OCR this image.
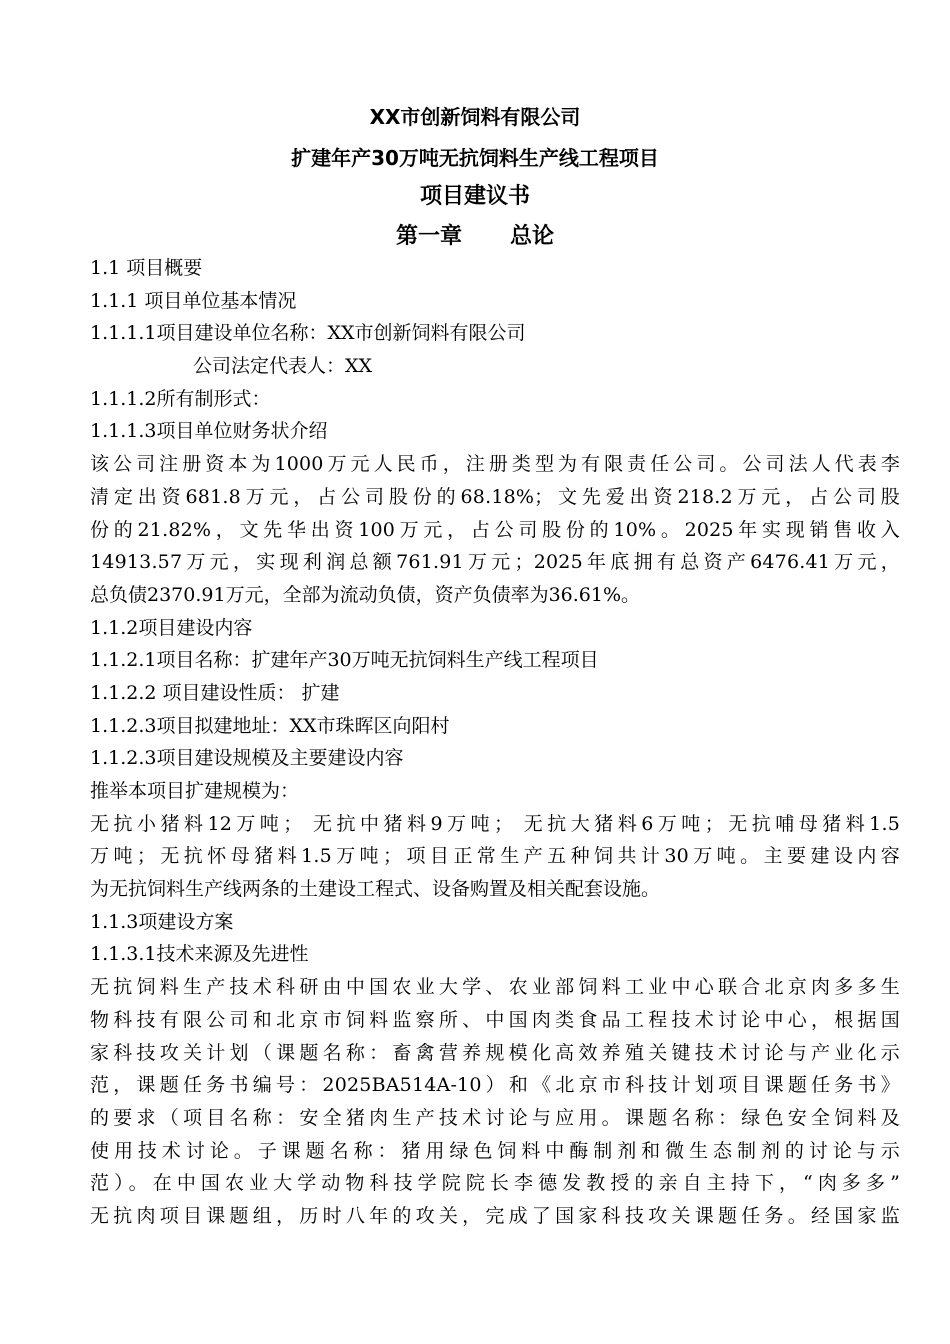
XX市创新饲料有限公司
扩建年产30万吨无抗饲料生产线工程项目
项目建议书
第一章 总论
1.1 项目概要
1.1.1 项目单位基本情况
1.1.1.1项目建设单位名称：XX市创新饲料有限公司
公司法定代表人：XX
1.1.1.2所有制形式：
1.1.1.3项目单位财务状介绍
该公司注册资本为1000万元人民币，注册类型为有限责任公司。公司法人代表李
清定出资681.8万元，占公司股份的68.18%；文先爱出资218.2万元，占公司股
份的21.82%，文先华出资100万元，占公司股份的10%。2025年实现销售收入
14913.57万元，实现利润总额761.91万元；2025年底拥有总资产6476.41万元，
总负债2370.91万元，全部为流动负债，资产负债率为36.61%。
1.1.2项目建设内容
1.1.2.1项目名称：扩建年产30万吨无抗饲料生产线工程项目
1.1.2.2 项目建设性质： 扩建
1.1.2.3项目拟建地址：XX市珠晖区向阳村
1.1.2.3项目建设规模及主要建设内容
推举本项目扩建规模为：
无抗小猪料12万吨； 无抗中猪料9万吨； 无抗大猪料6万吨；无抗哺母猪料1.5
万吨；无抗怀母猪料1.5万吨；项目正常生产五种饲共计30万吨。主要建设内容
为无抗饲料生产线两条的土建设工程式、设备购置及相关配套设施。
1.1.3项建设方案
1.1.3.1技术来源及先进性
无抗饲料生产技术科研由中国农业大学、农业部饲料工业中心联合北京肉多多生
物科技有限公司和北京市饲料监察所、中国肉类食品工程技术讨论中心，根据国
家科技攻关计划（课题名称：畜禽营养规模化高效养殖关键技术讨论与产业化示
范，课题任务书编号：2025BA514A-10）和《北京市科技计划项目课题任务书》
的要求（项目名称：安全猪肉生产技术讨论与应用。课题名称：绿色安全饲料及
使用技术讨论。子课题名称：猪用绿色饲料中酶制剂和微生态制剂的讨论与示
范）。在中国农业大学动物科技学院院长李德发教授的亲自主持下，“肉多多”
无抗肉项目课题组，历时八年的攻关，完成了国家科技攻关课题任务。经国家监
